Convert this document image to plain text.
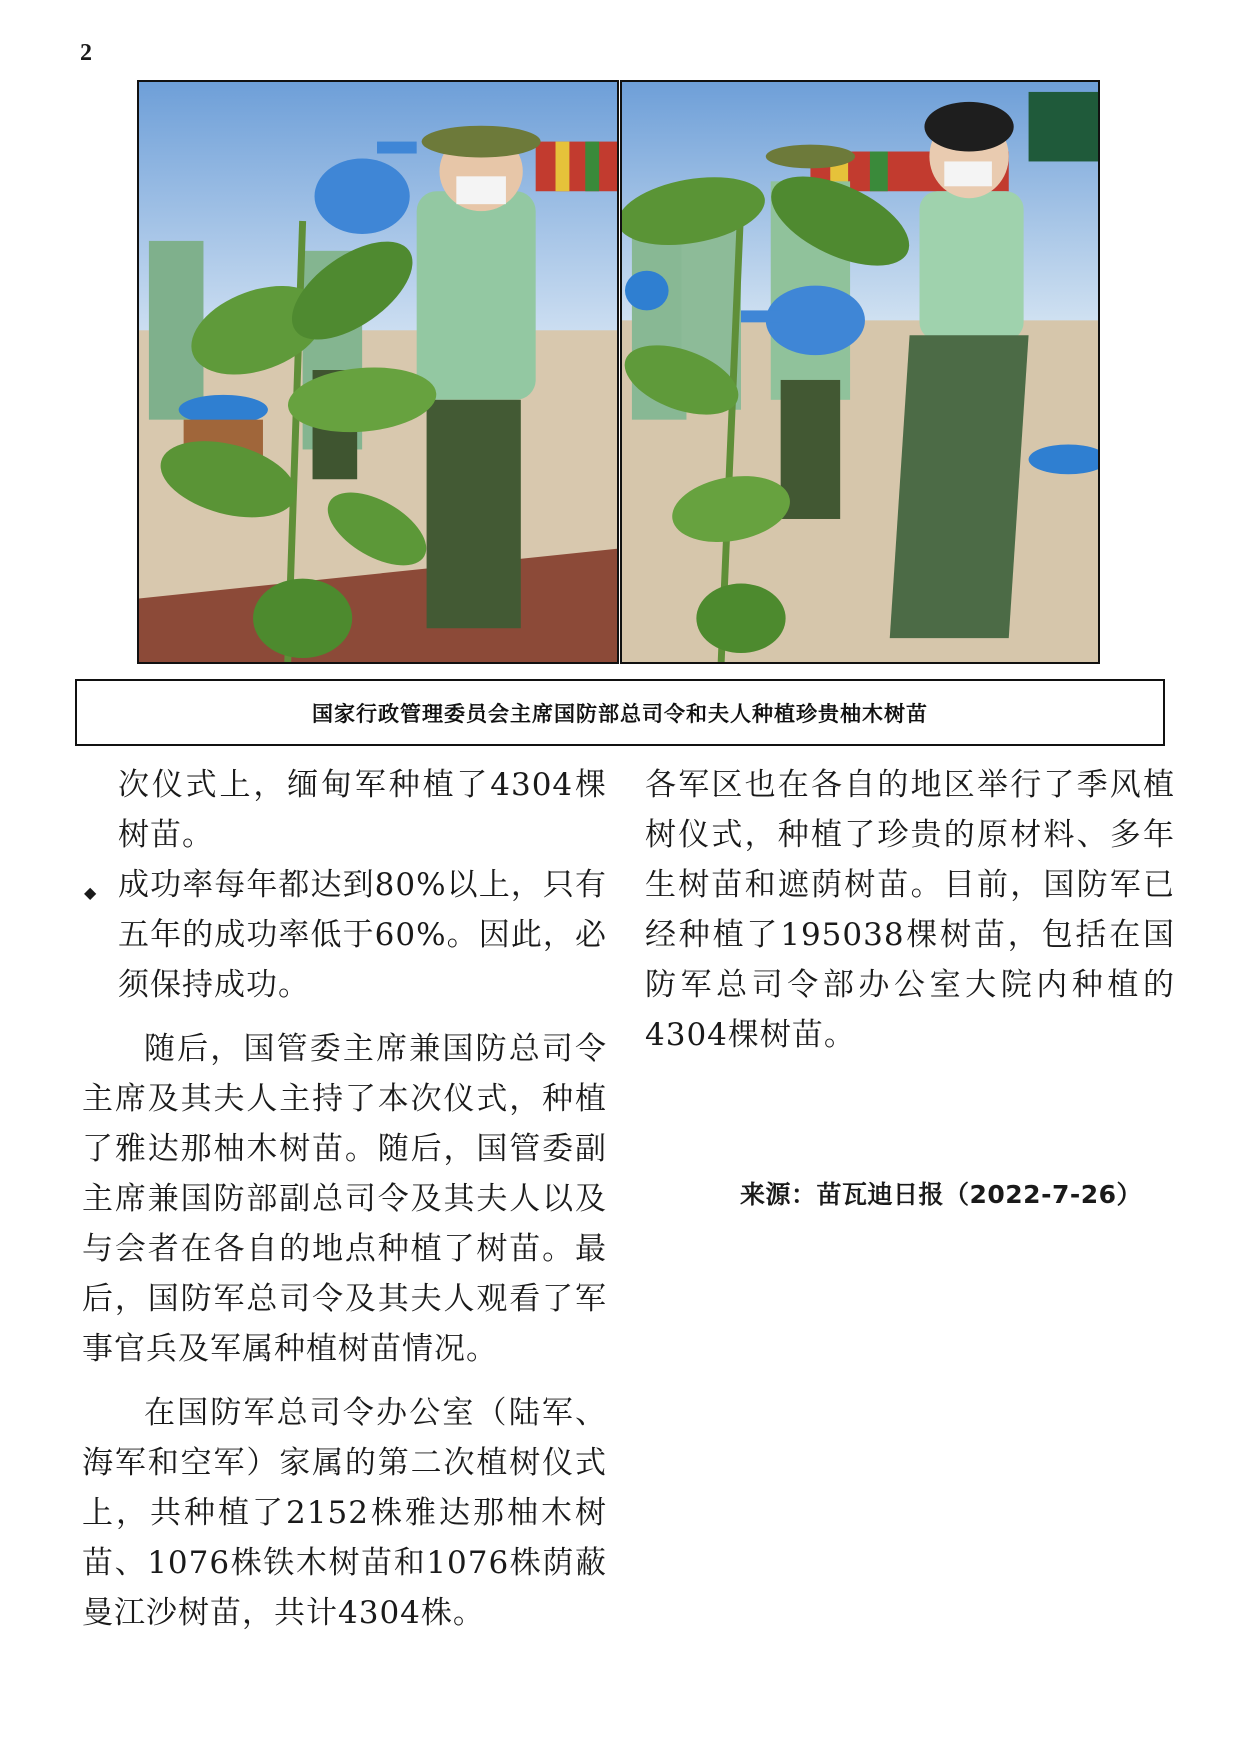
2
国家行政管理委员会主席国防部总司令和夫人种植珍贵柚木树苗

次仪式上，缅甸军种植了4304棵树苗。

◆ 成功率每年都达到80%以上，只有五年的成功率低于60%。因此，必须保持成功。

随后，国管委主席兼国防总司令主席及其夫人主持了本次仪式，种植了雅达那柚木树苗。随后，国管委副主席兼国防部副总司令及其夫人以及与会者在各自的地点种植了树苗。最后，国防军总司令及其夫人观看了军事官兵及军属种植树苗情况。

在国防军总司令办公室（陆军、海军和空军）家属的第二次植树仪式上，共种植了2152株雅达那柚木树苗、1076株铁木树苗和1076株荫蔽曼江沙树苗，共计4304株。

各军区也在各自的地区举行了季风植树仪式，种植了珍贵的原材料、多年生树苗和遮荫树苗。目前，国防军已经种植了195038棵树苗，包括在国防军总司令部办公室大院内种植的4304棵树苗。

来源：苗瓦迪日报（2022-7-26）
